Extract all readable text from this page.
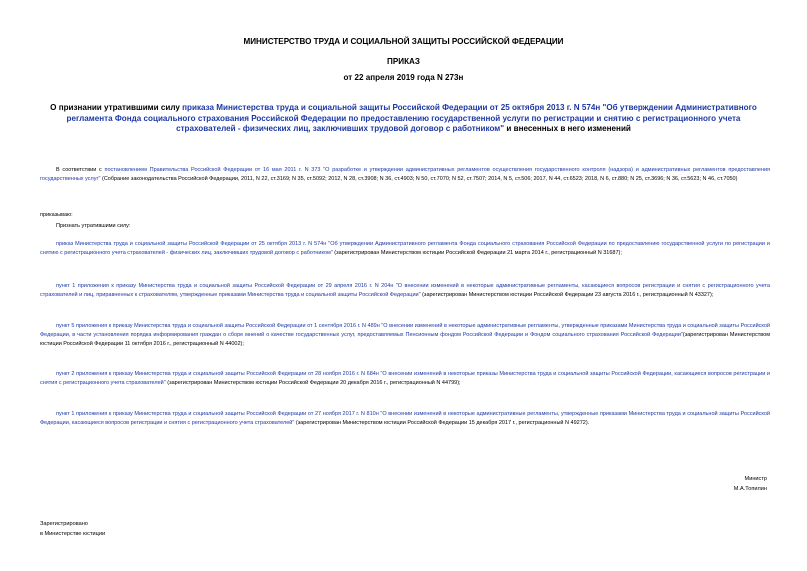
МИНИСТЕРСТВО ТРУДА И СОЦИАЛЬНОЙ ЗАЩИТЫ РОССИЙСКОЙ ФЕДЕРАЦИИ
ПРИКАЗ
от 22 апреля 2019 года N 273н
О признании утратившими силу приказа Министерства труда и социальной защиты Российской Федерации от 25 октября 2013 г. N 574н "Об утверждении Административного регламента Фонда социального страхования Российской Федерации по предоставлению государственной услуги по регистрации и снятию с регистрационного учета страхователей - физических лиц, заключивших трудовой договор с работником" и внесенных в него изменений
В соответствии с постановлением Правительства Российской Федерации от 16 мая 2011 г. N 373 "О разработке и утверждении административных регламентов осуществления государственного контроля (надзора) и административных регламентов предоставления государственных услуг" (Собрание законодательства Российской Федерации, 2011, N 22, ст.3169; N 35, ст.5092; 2012, N 28, ст.3908; N 36, ст.4903; N 50, ст.7070; N 52, ст.7507; 2014, N 5, ст.506; 2017, N 44, ст.6523; 2018, N 6, ст.880; N 25, ст.3696; N 36, ст.5623; N 46, ст.7050)
приказываю:
Признать утратившими силу:
приказ Министерства труда и социальной защиты Российской Федерации от 25 октября 2013 г. N 574н "Об утверждении Административного регламента Фонда социального страхования Российской Федерации по предоставлению государственной услуги по регистрации и снятию с регистрационного учета страхователей - физических лиц, заключивших трудовой договор с работником" (зарегистрирован Министерством юстиции Российской Федерации 21 марта 2014 г., регистрационный N 31687);
пункт 1 приложения к приказу Министерства труда и социальной защиты Российской Федерации от 29 апреля 2016 г. N 204н "О внесении изменений в некоторые административные регламенты, касающиеся вопросов регистрации и снятия с регистрационного учета страхователей и лиц, приравненных к страхователям, утвержденные приказами Министерства труда и социальной защиты Российской Федерации" (зарегистрирован Министерством юстиции Российской Федерации 23 августа 2016 г., регистрационный N 43327);
пункт 5 приложения к приказу Министерства труда и социальной защиты Российской Федерации от 1 сентября 2016 г. N 489н "О внесении изменений в некоторые административные регламенты, утвержденные приказами Министерства труда и социальной защиты Российской Федерации, в части установления порядка информирования граждан о сборе мнений о качестве государственных услуг, предоставляемых Пенсионным фондом Российской Федерации и Фондом социального страхования Российской Федерации"(зарегистрирован Министерством юстиции Российской Федерации 11 октября 2016 г., регистрационный N 44002);
пункт 2 приложения к приказу Министерства труда и социальной защиты Российской Федерации от 28 ноября 2016 г. N 684н "О внесении изменений в некоторые приказы Министерства труда и социальной защиты Российской Федерации, касающиеся вопросов регистрации и снятия с регистрационного учета страхователей" (зарегистрирован Министерством юстиции Российской Федерации 20 декабря 2016 г., регистрационный N 44799);
пункт 1 приложения к приказу Министерства труда и социальной защиты Российской Федерации от 27 ноября 2017 г. N 810н "О внесении изменений в некоторые административные регламенты, утвержденные приказами Министерства труда и социальной защиты Российской Федерации, касающиеся вопросов регистрации и снятия с регистрационного учета страхователей" (зарегистрирован Министерством юстиции Российской Федерации 15 декабря 2017 г., регистрационный N 49272).
Министр
М.А.Топилин
Зарегистрировано
в Министерстве юстиции
